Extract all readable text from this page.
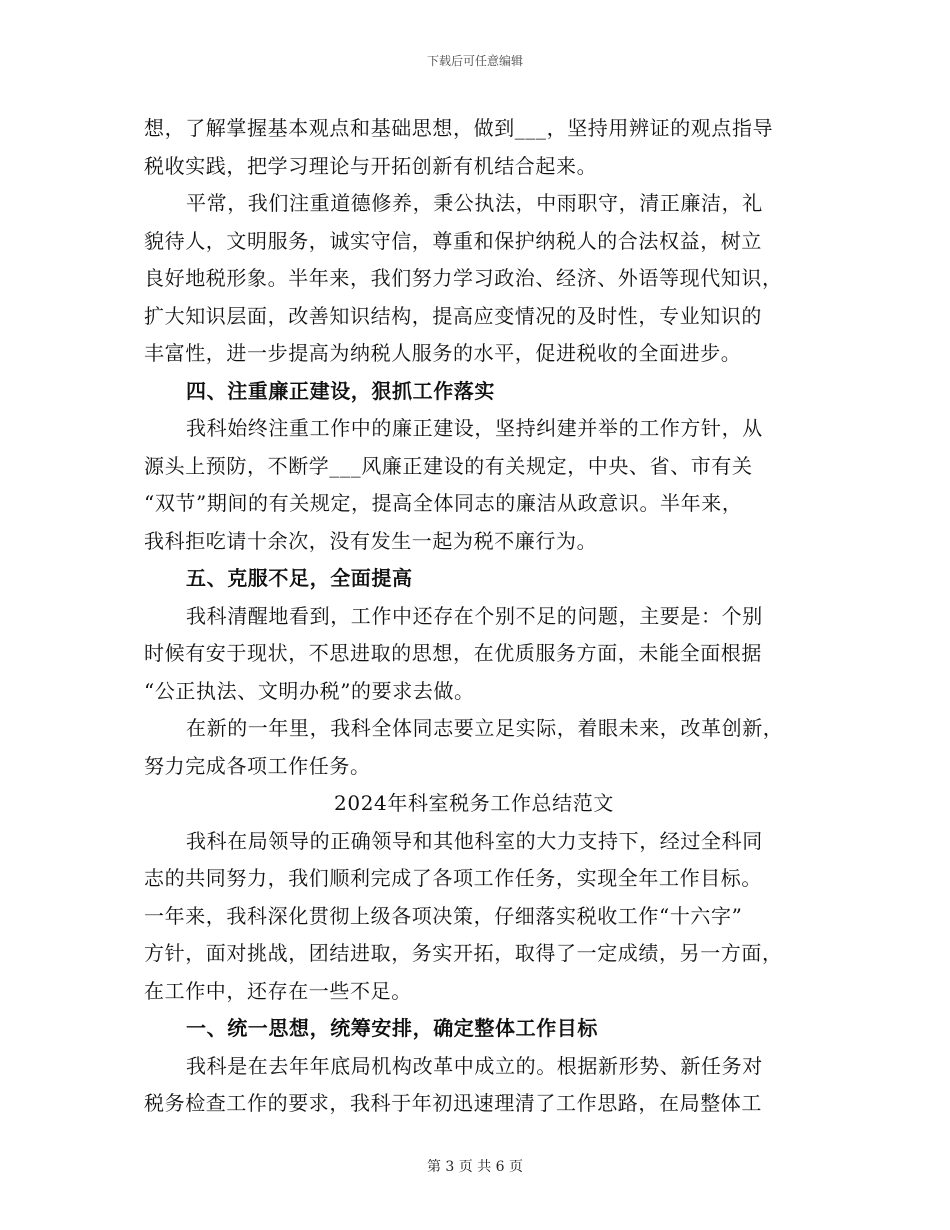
下载后可任意编辑
想，了解掌握基本观点和基础思想，做到___，坚持用辨证的观点指导
税收实践，把学习理论与开拓创新有机结合起来。
平常，我们注重道德修养，秉公执法，中雨职守，清正廉洁，礼
貌待人，文明服务，诚实守信，尊重和保护纳税人的合法权益，树立
良好地税形象。半年来，我们努力学习政治、经济、外语等现代知识，
扩大知识层面，改善知识结构，提高应变情况的及时性，专业知识的
丰富性，进一步提高为纳税人服务的水平，促进税收的全面进步。
四、注重廉正建设，狠抓工作落实
我科始终注重工作中的廉正建设，坚持纠建并举的工作方针，从
源头上预防，不断学___风廉正建设的有关规定，中央、省、市有关
“双节”期间的有关规定，提高全体同志的廉洁从政意识。半年来，
我科拒吃请十余次，没有发生一起为税不廉行为。
五、克服不足，全面提高
我科清醒地看到，工作中还存在个别不足的问题，主要是：个别
时候有安于现状，不思进取的思想，在优质服务方面，未能全面根据
“公正执法、文明办税”的要求去做。
在新的一年里，我科全体同志要立足实际，着眼未来，改革创新，
努力完成各项工作任务。
2024年科室税务工作总结范文
我科在局领导的正确领导和其他科室的大力支持下，经过全科同
志的共同努力，我们顺利完成了各项工作任务，实现全年工作目标。
一年来，我科深化贯彻上级各项决策，仔细落实税收工作“十六字”
方针，面对挑战，团结进取，务实开拓，取得了一定成绩，另一方面，
在工作中，还存在一些不足。
一、统一思想，统筹安排，确定整体工作目标
我科是在去年年底局机构改革中成立的。根据新形势、新任务对
税务检查工作的要求，我科于年初迅速理清了工作思路，在局整体工
第 3 页 共 6 页
